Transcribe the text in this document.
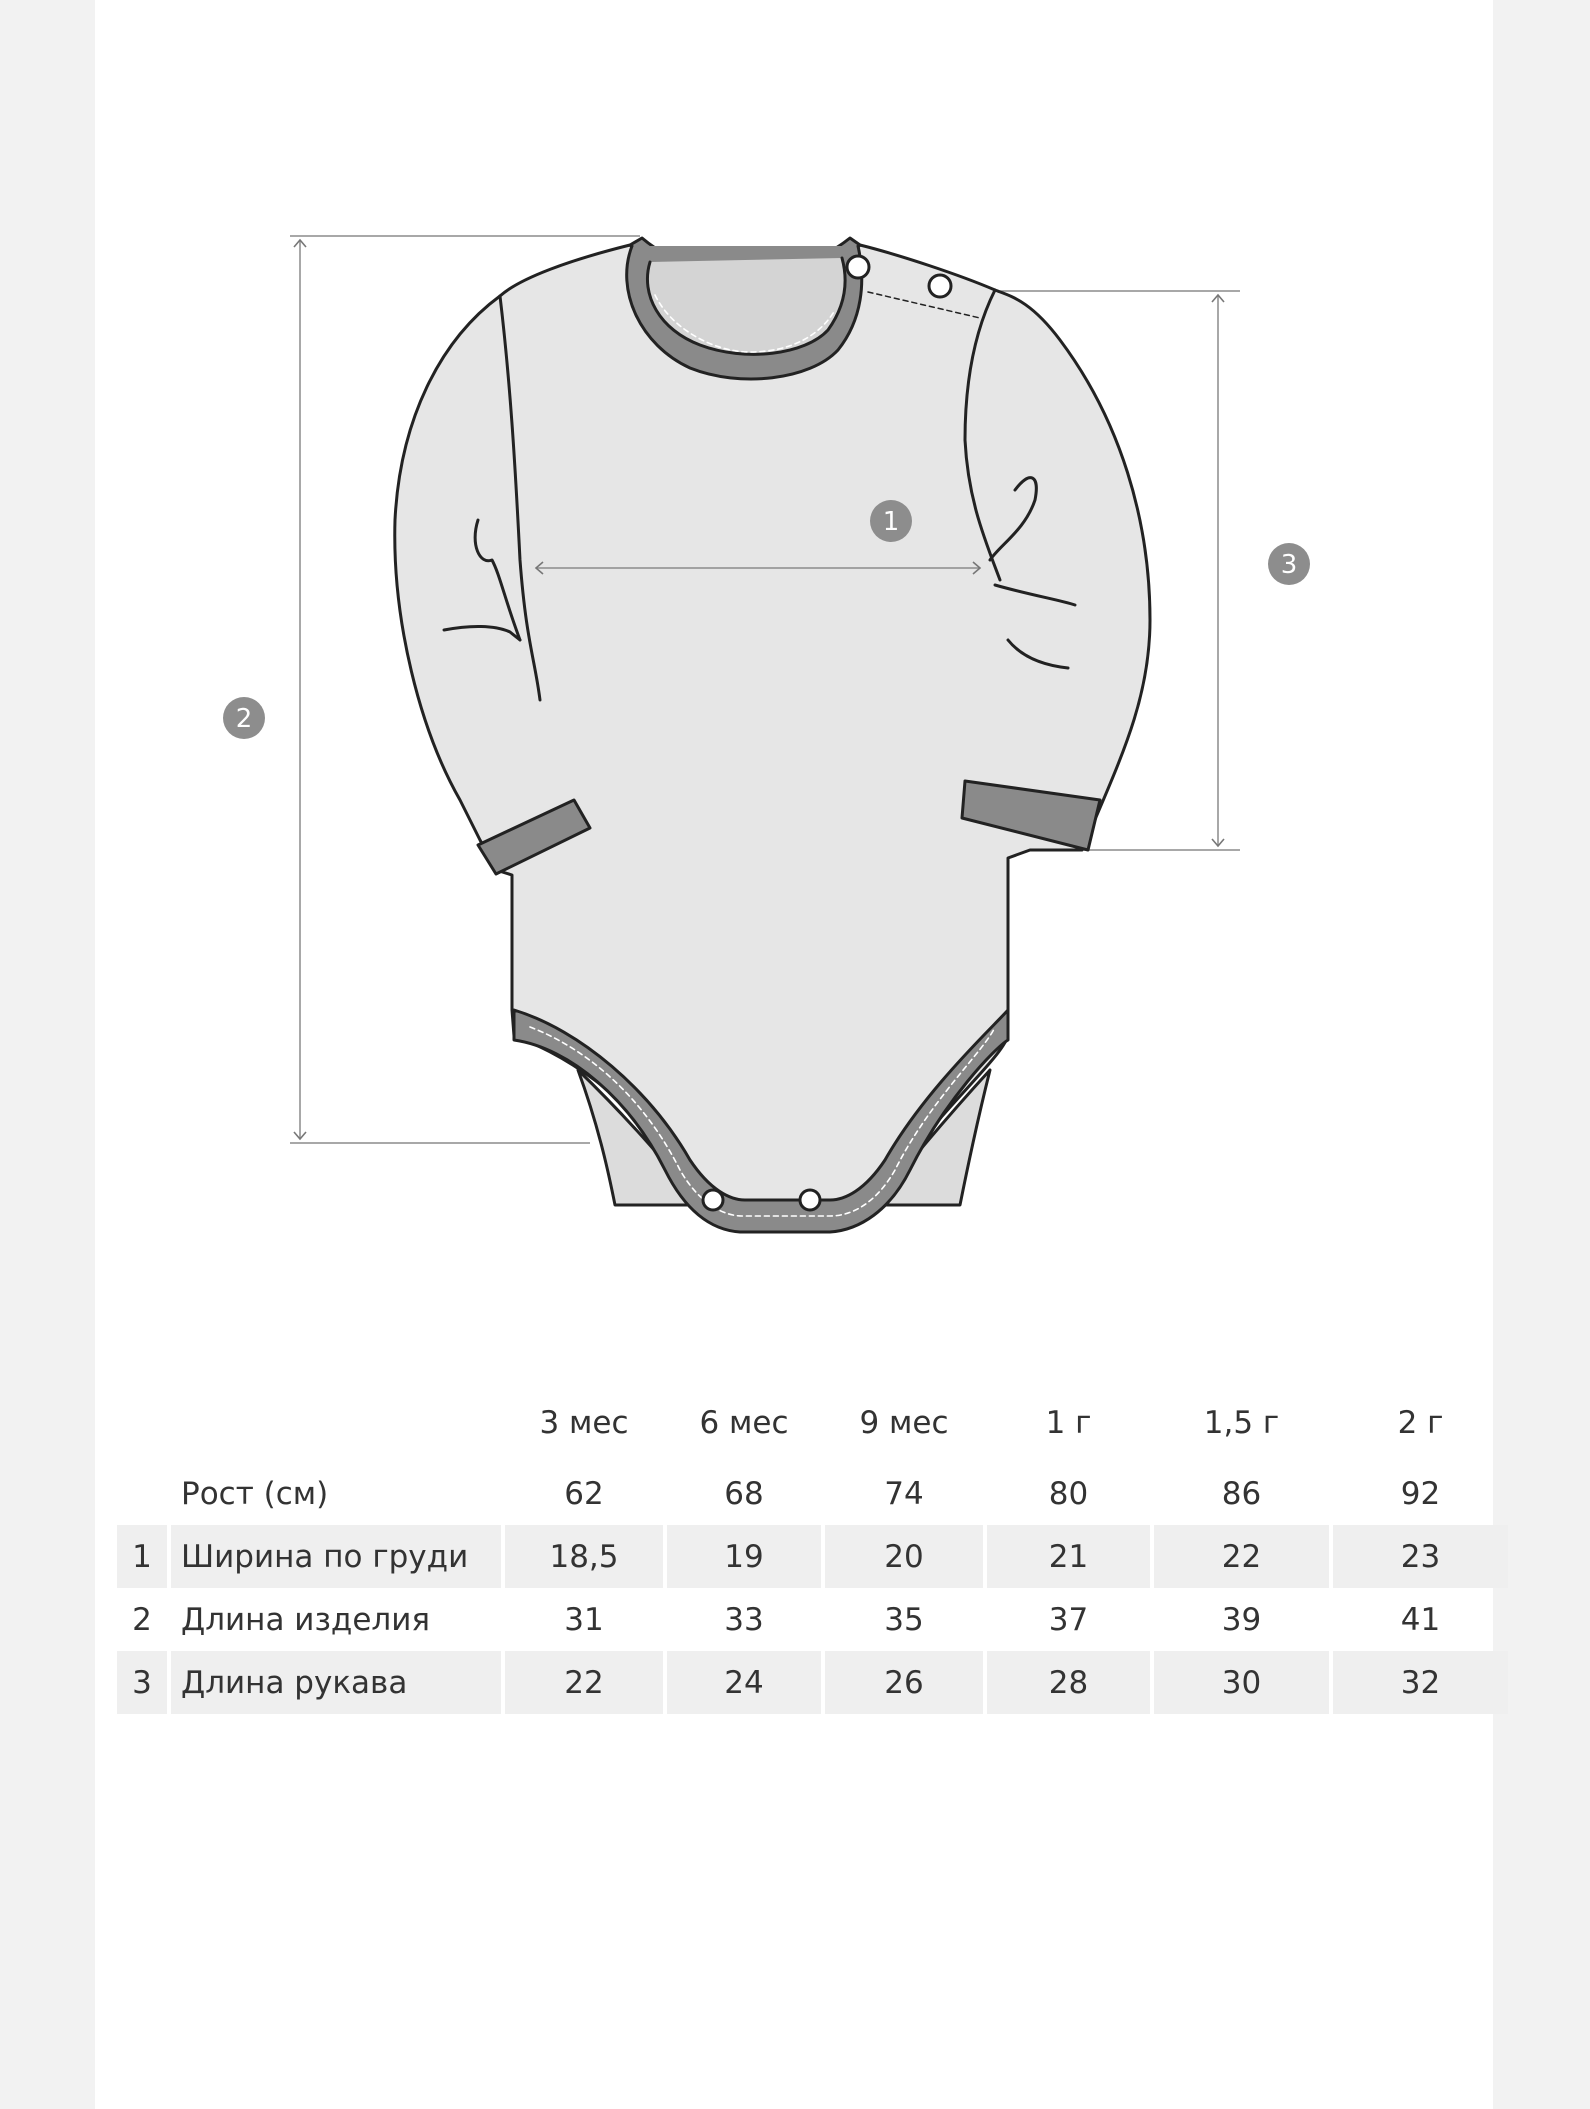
1
2
3
		3 мес	6 мес	9 мес	1 г	1,5 г	2 г
	Рост (см)	62	68	74	80	86	92
1	Ширина по груди	18,5	19	20	21	22	23
2	Длина изделия	31	33	35	37	39	41
3	Длина рукава	22	24	26	28	30	32
